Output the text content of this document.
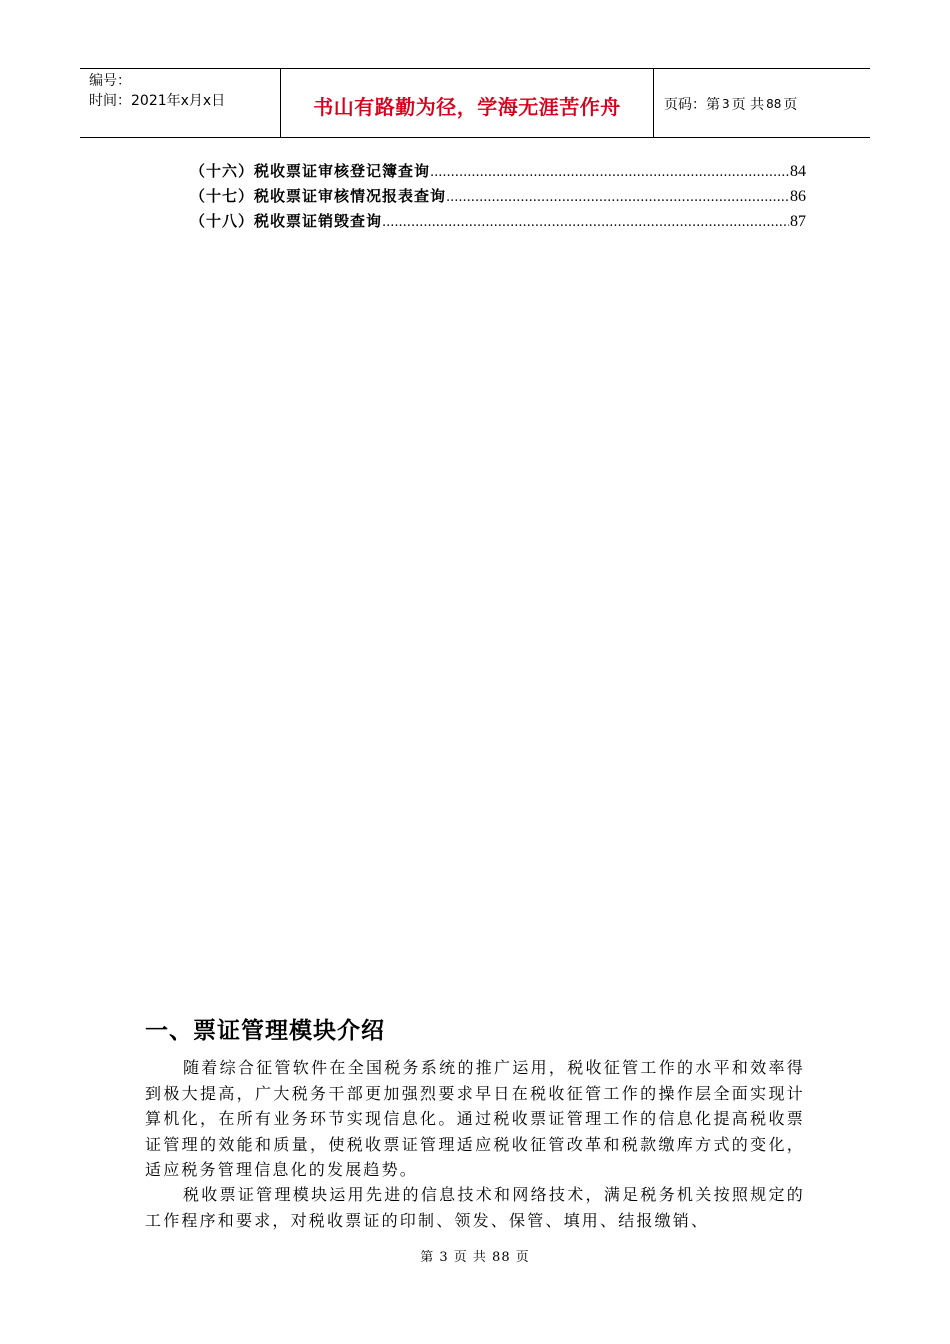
编号：
时间：2021年x月x日	书山有路勤为径，学海无涯苦作舟	页码：第 3 页 共 88 页
（十六）税收票证审核登记簿查询 .....	84
（十七）税收票证审核情况报表查询 .....	86
（十八）税收票证销毁查询 .....	87
一、票证管理模块介绍

随着综合征管软件在全国税务系统的推广运用，税收征管工作的水平和效率得到极大提高，广大税务干部更加强烈要求早日在税收征管工作的操作层全面实现计算机化，在所有业务环节实现信息化。通过税收票证管理工作的信息化提高税收票证管理的效能和质量，使税收票证管理适应税收征管改革和税款缴库方式的变化，适应税务管理信息化的发展趋势。

税收票证管理模块运用先进的信息技术和网络技术，满足税务机关按照规定的工作程序和要求，对税收票证的印制、领发、保管、填用、结报缴销、

第 3 页 共 88 页
